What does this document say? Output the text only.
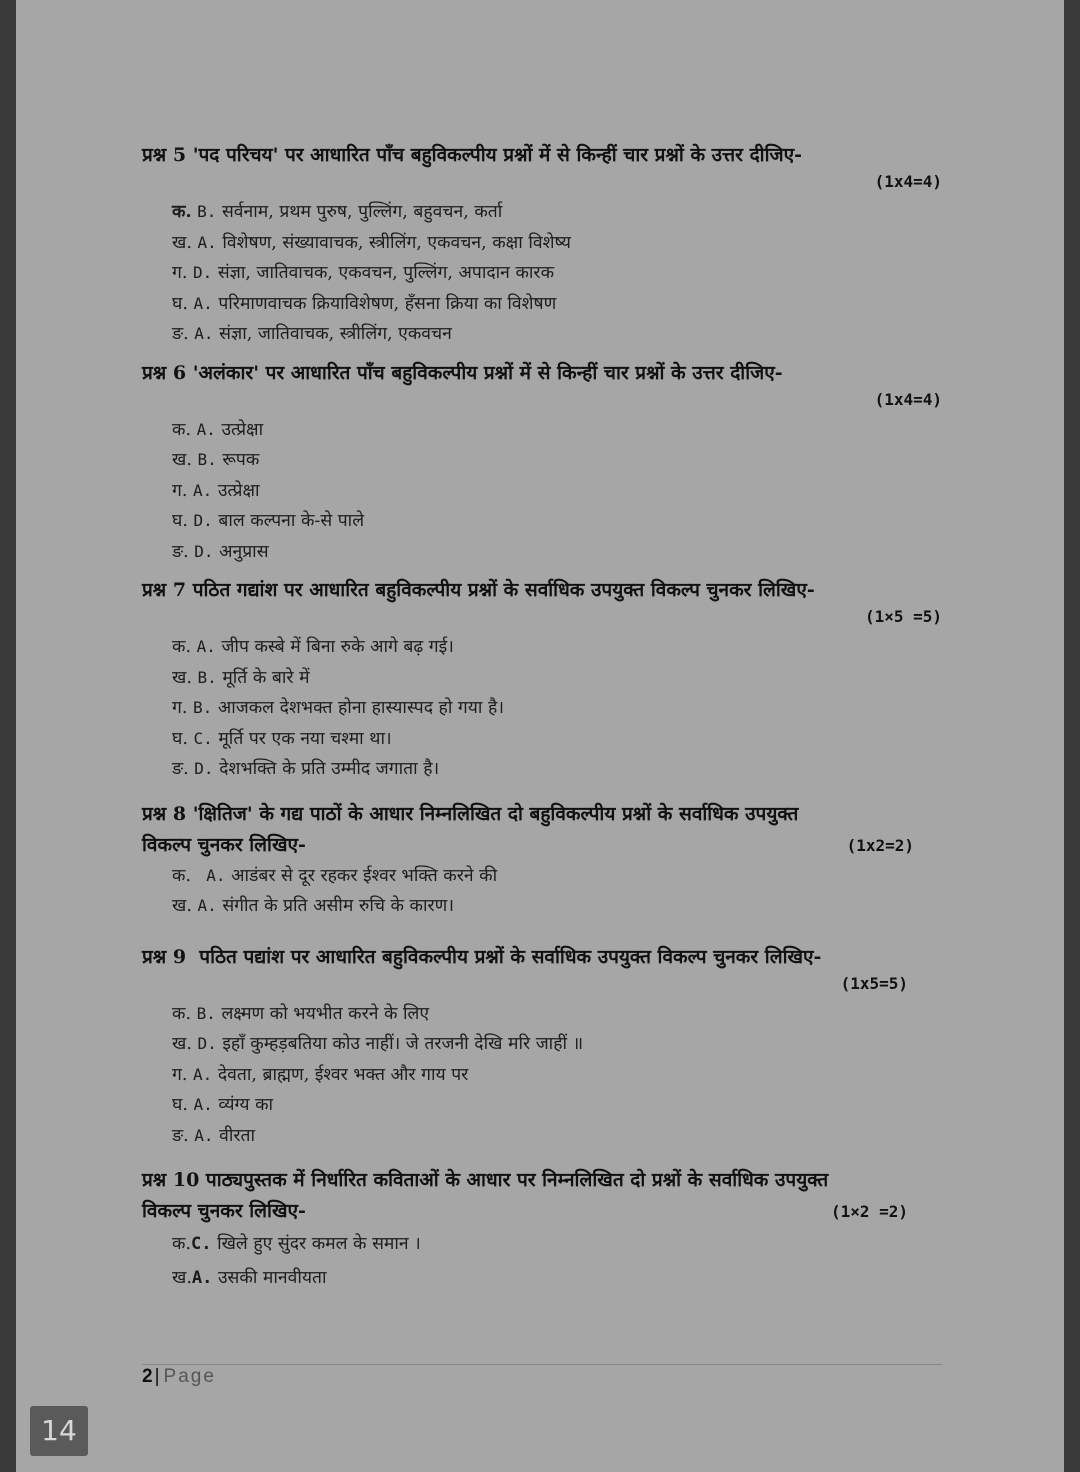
प्रश्न 5 'पद परिचय' पर आधारित पाँच बहुविकल्पीय प्रश्नों में से किन्हीं चार प्रश्नों के उत्तर दीजिए-
(1x4=4)
क. B. सर्वनाम, प्रथम पुरुष, पुल्लिंग, बहुवचन, कर्ता
ख. A. विशेषण, संख्यावाचक, स्त्रीलिंग, एकवचन, कक्षा विशेष्य
ग. D. संज्ञा, जातिवाचक, एकवचन, पुल्लिंग, अपादान कारक
घ. A. परिमाणवाचक क्रियाविशेषण, हँसना क्रिया का विशेषण
ङ. A. संज्ञा, जातिवाचक, स्त्रीलिंग, एकवचन
प्रश्न 6 'अलंकार' पर आधारित पाँच बहुविकल्पीय प्रश्नों में से किन्हीं चार प्रश्नों के उत्तर दीजिए-
(1x4=4)
क. A. उत्प्रेक्षा
ख. B. रूपक
ग. A. उत्प्रेक्षा
घ. D. बाल कल्पना के-से पाले
ङ. D. अनुप्रास
प्रश्न 7 पठित गद्यांश पर आधारित बहुविकल्पीय प्रश्नों के सर्वाधिक उपयुक्त विकल्प चुनकर लिखिए-
(1×5 =5)
क. A. जीप कस्बे में बिना रुके आगे बढ़ गई।
ख. B. मूर्ति के बारे में
ग. B. आजकल देशभक्त होना हास्यास्पद हो गया है।
घ. C. मूर्ति पर एक नया चश्मा था।
ङ. D. देशभक्ति के प्रति उम्मीद जगाता है।
प्रश्न 8 'क्षितिज' के गद्य पाठों के आधार निम्नलिखित दो बहुविकल्पीय प्रश्नों के सर्वाधिक उपयुक्त
विकल्प चुनकर लिखिए-	(1x2=2)
क.  A. आडंबर से दूर रहकर ईश्वर भक्ति करने की
ख. A. संगीत के प्रति असीम रुचि के कारण।
प्रश्न 9  पठित पद्यांश पर आधारित बहुविकल्पीय प्रश्नों के सर्वाधिक उपयुक्त विकल्प चुनकर लिखिए-
(1x5=5)
क. B. लक्ष्मण को भयभीत करने के लिए
ख. D. इहाँ कुम्हड़बतिया कोउ नाहीं। जे तरजनी देखि मरि जाहीं ॥
ग. A. देवता, ब्राह्मण, ईश्वर भक्त और गाय पर
घ. A. व्यंग्य का
ङ. A. वीरता
प्रश्न 10 पाठ्यपुस्तक में निर्धारित कविताओं के आधार पर निम्नलिखित दो प्रश्नों के सर्वाधिक उपयुक्त
विकल्प चुनकर लिखिए-	(1×2 =2)
क.C. खिले हुए सुंदर कमल के समान ।
ख.A. उसकी मानवीयता
2 | Page
14
